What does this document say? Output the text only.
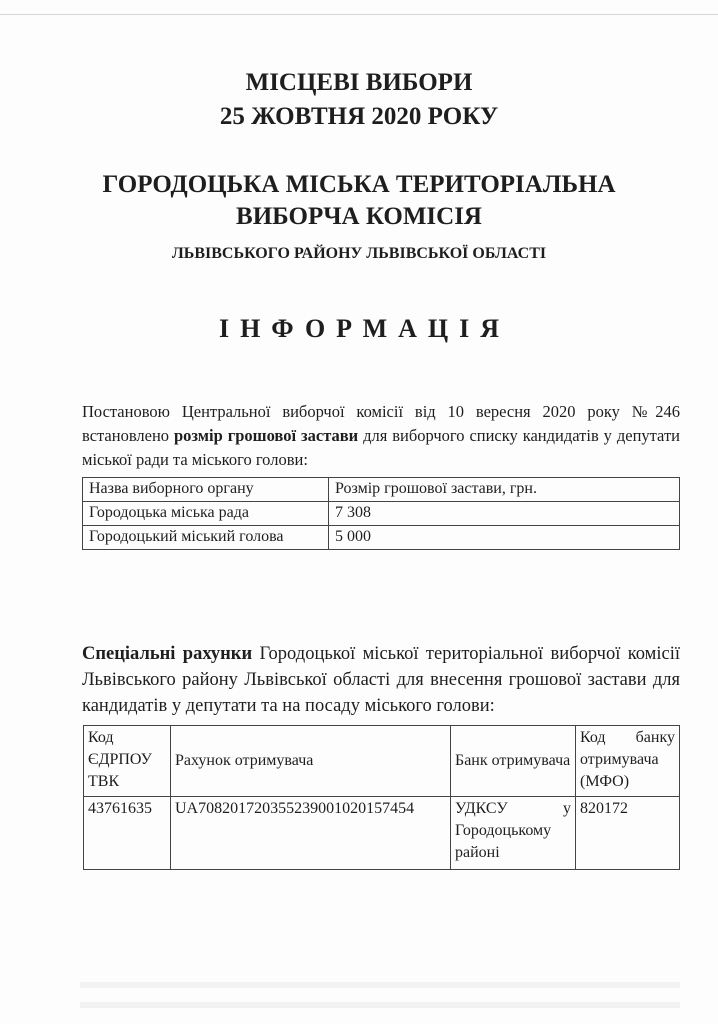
МІСЦЕВІ ВИБОРИ
25 ЖОВТНЯ 2020 РОКУ
ГОРОДОЦЬКА МІСЬКА ТЕРИТОРІАЛЬНА
ВИБОРЧА КОМІСІЯ
ЛЬВІВСЬКОГО РАЙОНУ ЛЬВІВСЬКОЇ ОБЛАСТІ
ІНФОРМАЦІЯ
Постановою Центральної виборчої комісії від 10 вересня 2020 року №246 встановлено розмір грошової застави для виборчого списку кандидатів у депутати міської ради та міського голови:
Назва виборного органу	Розмір грошової застави, грн.
Городоцька міська рада	7 308
Городоцький міський голова	5 000
Спеціальні рахунки Городоцької міської територіальної виборчої комісії Львівського району Львівської області для внесення грошової застави для кандидатів у депутати та на посаду міського голови:
Код ЄДРПОУ ТВК	Рахунок отримувача	Банк отримувача	Код банку отримувача (МФО)
43761635	UA708201720355239001020157454	УДКСУ у Городоцькому районі	820172
